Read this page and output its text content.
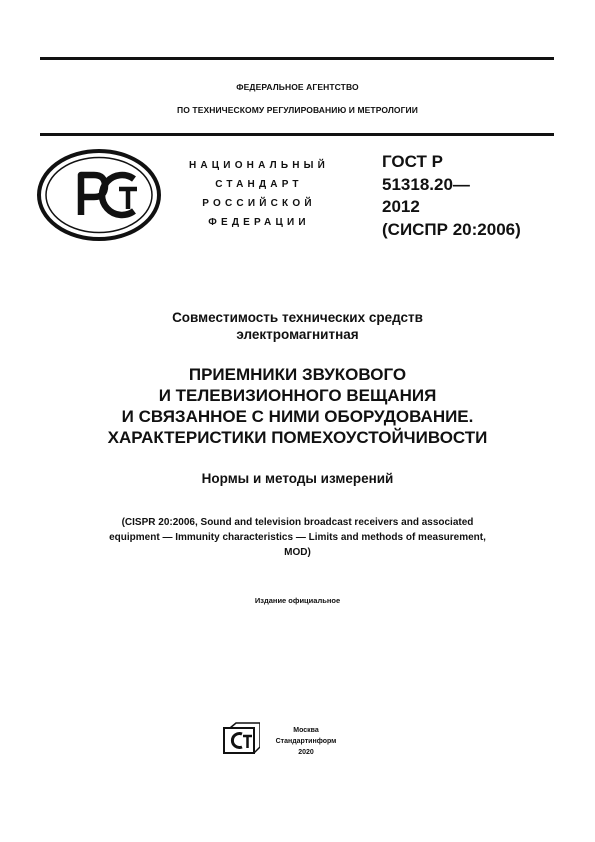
ФЕДЕРАЛЬНОЕ АГЕНТСТВО
ПО ТЕХНИЧЕСКОМУ РЕГУЛИРОВАНИЮ И МЕТРОЛОГИИ
РСТ
НАЦИОНАЛЬНЫЙ
СТАНДАРТ
РОССИЙСКОЙ
ФЕДЕРАЦИИ
ГОСТ Р
51318.20—
2012
(СИСПР 20:2006)
Совместимость технических средств
электромагнитная
ПРИЕМНИКИ ЗВУКОВОГО
И ТЕЛЕВИЗИОННОГО ВЕЩАНИЯ
И СВЯЗАННОЕ С НИМИ ОБОРУДОВАНИЕ.
ХАРАКТЕРИСТИКИ ПОМЕХОУСТОЙЧИВОСТИ
Нормы и методы измерений
(CISPR 20:2006, Sound and television broadcast receivers and associated
equipment — Immunity characteristics — Limits and methods of measurement,
MOD)
Издание официальное
СТИ
Москва
Стандартинформ
2020
